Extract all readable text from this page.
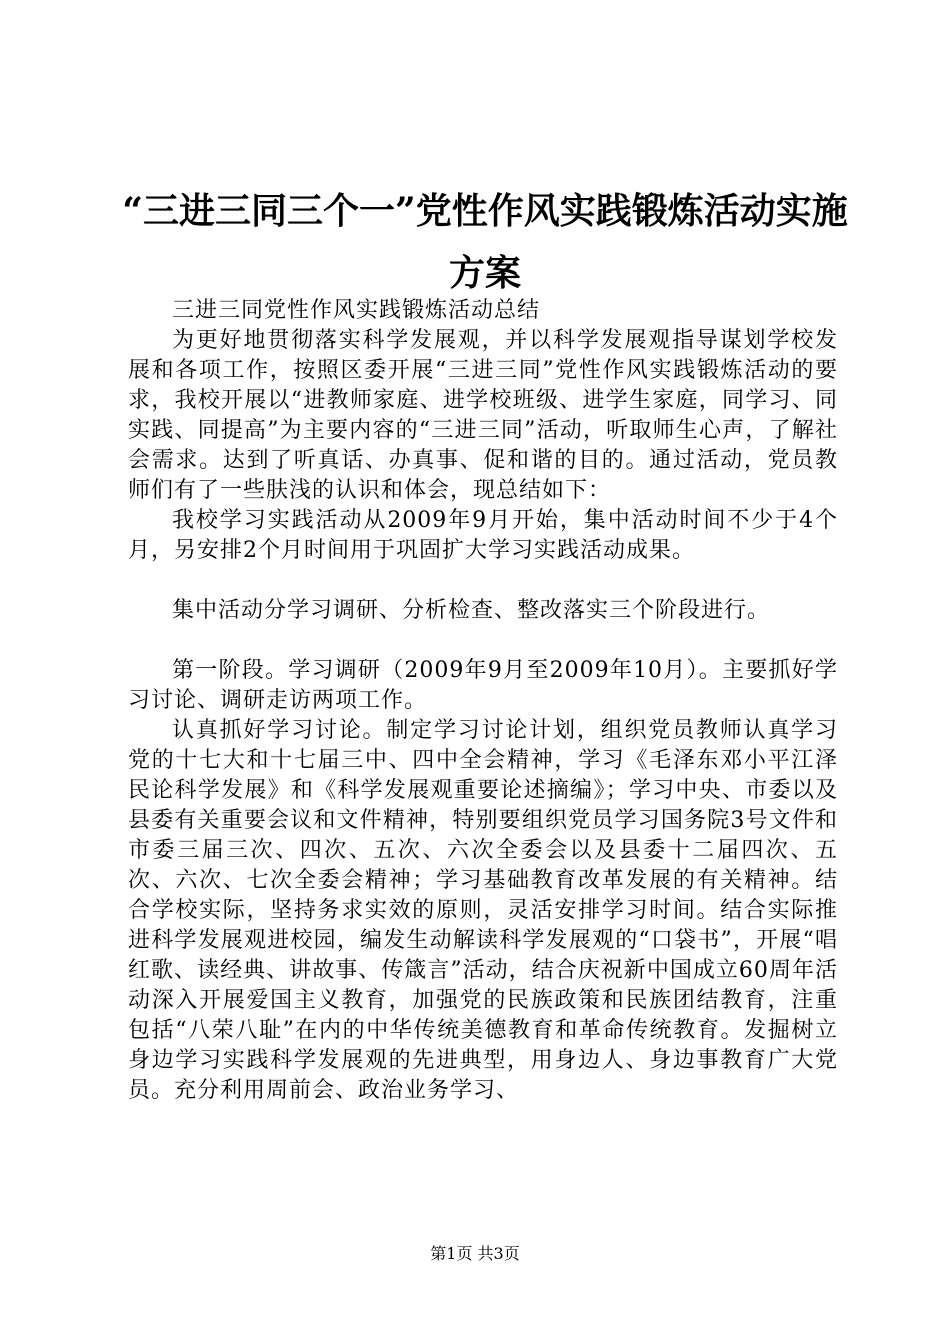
“三进三同三个一”党性作风实践锻炼活动实施方案

三进三同党性作风实践锻炼活动总结

为更好地贯彻落实科学发展观，并以科学发展观指导谋划学校发展和各项工作，按照区委开展“三进三同”党性作风实践锻炼活动的要求，我校开展以“进教师家庭、进学校班级、进学生家庭，同学习、同实践、同提高”为主要内容的“三进三同”活动，听取师生心声，了解社会需求。达到了听真话、办真事、促和谐的目的。通过活动，党员教师们有了一些肤浅的认识和体会，现总结如下：

我校学习实践活动从2009年9月开始，集中活动时间不少于4个月，另安排2个月时间用于巩固扩大学习实践活动成果。

集中活动分学习调研、分析检查、整改落实三个阶段进行。

第一阶段。学习调研（2009年9月至2009年10月）。主要抓好学习讨论、调研走访两项工作。

认真抓好学习讨论。制定学习讨论计划，组织党员教师认真学习党的十七大和十七届三中、四中全会精神，学习《毛泽东邓小平江泽民论科学发展》和《科学发展观重要论述摘编》；学习中央、市委以及县委有关重要会议和文件精神，特别要组织党员学习国务院3号文件和市委三届三次、四次、五次、六次全委会以及县委十二届四次、五次、六次、七次全委会精神；学习基础教育改革发展的有关精神。结合学校实际，坚持务求实效的原则，灵活安排学习时间。结合实际推进科学发展观进校园，编发生动解读科学发展观的“口袋书”，开展“唱红歌、读经典、讲故事、传箴言”活动，结合庆祝新中国成立60周年活动深入开展爱国主义教育，加强党的民族政策和民族团结教育，注重包括“八荣八耻”在内的中华传统美德教育和革命传统教育。发掘树立身边学习实践科学发展观的先进典型，用身边人、身边事教育广大党员。充分利用周前会、政治业务学习、

第1页 共3页
